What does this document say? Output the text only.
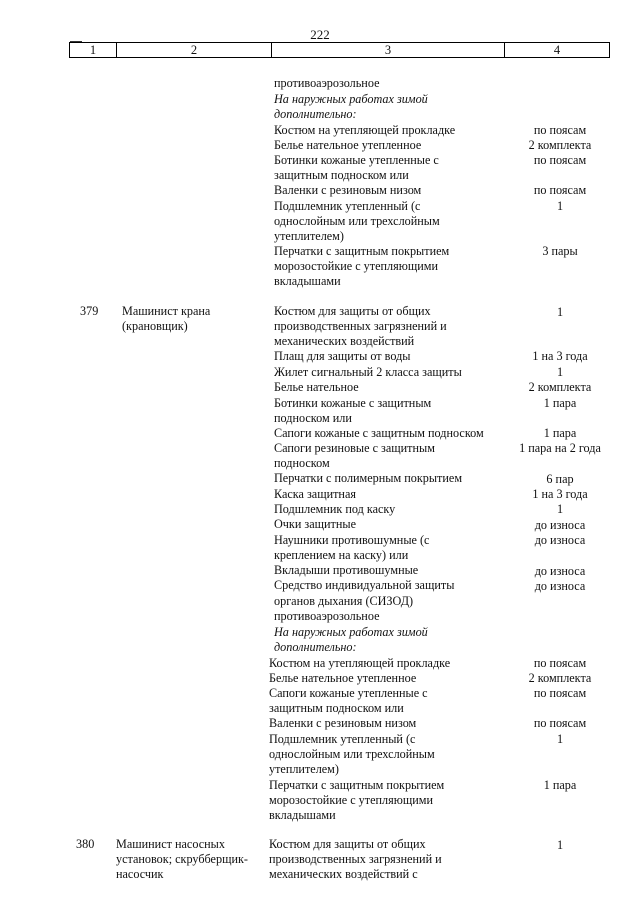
222
1	2	3	4
противоаэрозольное
На наружных работах зимой
дополнительно:
Костюм на утепляющей прокладке	по поясам
Белье нательное утепленное	2 комплекта
Ботинки кожаные утепленные с	по поясам
защитным подноском или
Валенки с резиновым низом	по поясам
Подшлемник утепленный (с	1
однослойным или трехслойным
утеплителем)
Перчатки с защитным покрытием	3 пары
морозостойкие с утепляющими
вкладышами
379 Машинист крана
(крановщик)
Костюм для защиты от общих	1
производственных загрязнений и
механических воздействий
Плащ для защиты от воды	1 на 3 года
Жилет сигнальный 2 класса защиты	1
Белье нательное	2 комплекта
Ботинки кожаные с защитным	1 пара
подноском или
Сапоги кожаные с защитным подноском	1 пара
Сапоги резиновые с защитным	1 пара на 2 года
подноском
Перчатки с полимерным покрытием	6 пар
Каска защитная	1 на 3 года
Подшлемник под каску	1
Очки защитные	до износа
Наушники противошумные (с	до износа
креплением на каску) или
Вкладыши противошумные	до износа
Средство индивидуальной защиты	до износа
органов дыхания (СИЗОД)
противоаэрозольное
На наружных работах зимой
дополнительно:
Костюм на утепляющей прокладке	по поясам
Белье нательное утепленное	2 комплекта
Сапоги кожаные утепленные с	по поясам
защитным подноском или
Валенки с резиновым низом	по поясам
Подшлемник утепленный (с	1
однослойным или трехслойным
утеплителем)
Перчатки с защитным покрытием	1 пара
морозостойкие с утепляющими
вкладышами
380 Машинист насосных
установок; скрубберщик-
насосчик
Костюм для защиты от общих	1
производственных загрязнений и
механических воздействий с
